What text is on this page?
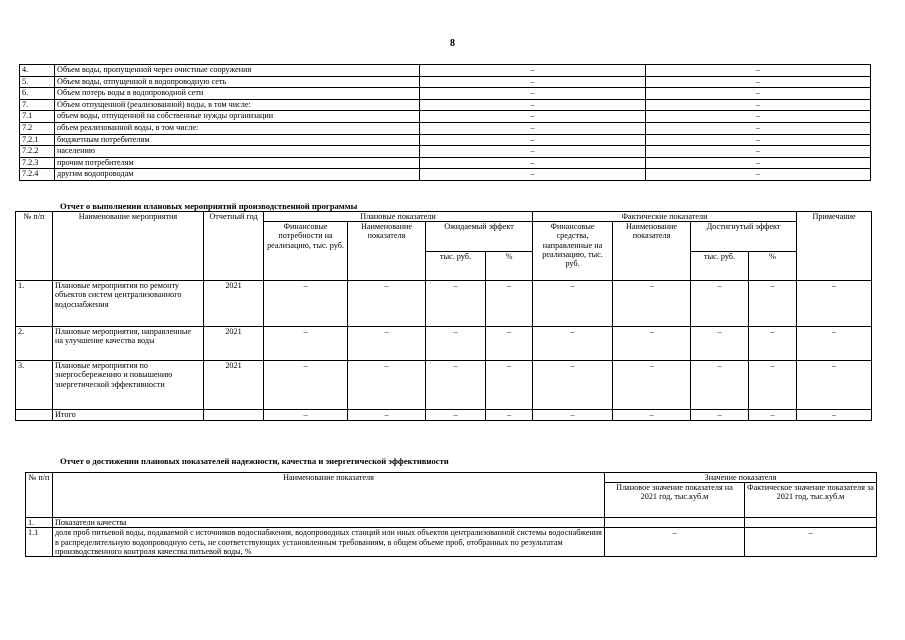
8
4.	Объем воды, пропущенной через очистные сооружения	–	–
5.	Объем воды, отпущенной в водопроводную сеть	–	–
6.	Объем потерь воды в водопроводной сети	–	–
7.	Объем отпущенной (реализованной) воды, в том числе:	–	–
7.1	объем воды, отпущенной на собственные нужды организации	–	–
7.2	объем реализованной воды, в том числе:	–	–
7.2.1	бюджетным потребителям	–	–
7.2.2	населению	–	–
7.2.3	прочим потребителям	–	–
7.2.4	другим водопроводам	–	–
Отчет о выполнении плановых мероприятий производственной программы
№ п/п	Наименование мероприятия	Отчетный год	Плановые показатели				Фактические показатели				Примечание
			Финансовые потребности на реализацию, тыс. руб.	Наименование показателя	Ожидаемый эффект		Финансовые средства, направленные на реализацию, тыс. руб.	Наименование показателя	Достигнутый эффект		
					тыс. руб.	%			тыс. руб.	%	
1.	Плановые мероприятия по ремонту объектов систем централизованного водоснабжения	2021	–	–	–	–	–	–	–	–	–
2.	Плановые мероприятия, направленные на улучшение качества воды	2021	–	–	–	–	–	–	–	–	–
3.	Плановые мероприятия по энергосбережению и повышению энергетической эффективности	2021	–	–	–	–	–	–	–	–	–
	Итого		–	–	–	–	–	–	–	–	–
Отчет о достижении плановых показателей надежности, качества и энергетической эффективности
№ п/п	Наименование показателя	Значение показателя	
		Плановое значение показателя на 2021 год, тыс.куб.м	Фактическое значение показателя за 2021 год, тыс.куб.м
1.	Показатели качества		
1.1	доля проб питьевой воды, подаваемой с источников водоснабжения, водопроводных станций или иных объектов централизованной системы водоснабжения в распределительную водопроводную сеть, не соответствующих установленным требованиям, в общем объеме проб, отобранных по результатам производственного контроля качества питьевой воды, %	–	–
